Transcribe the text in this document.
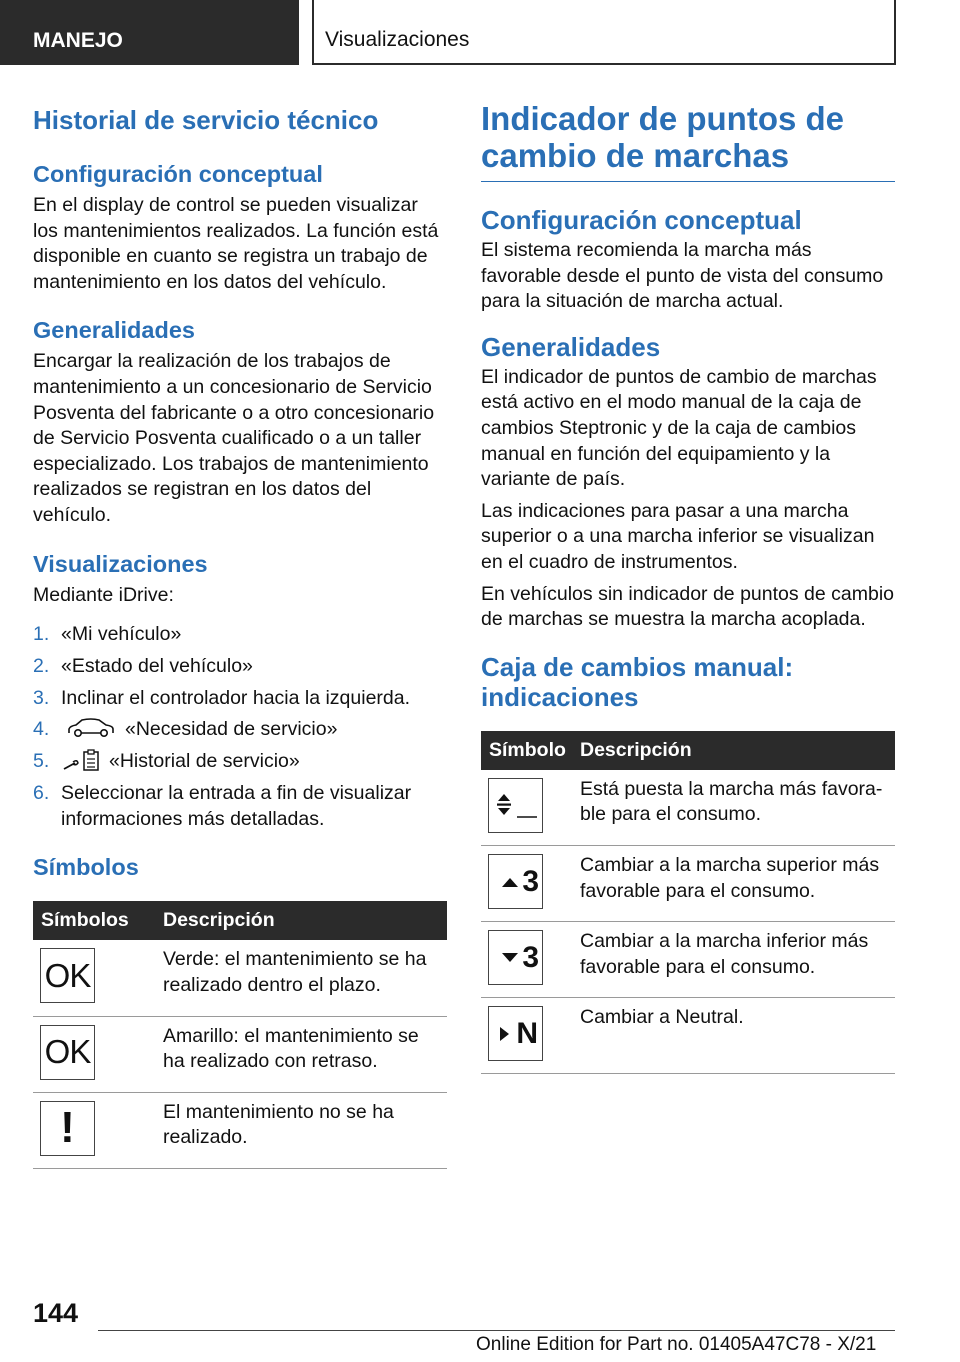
MANEJO	Visualizaciones
Historial de servicio técnico
Configuración conceptual

En el display de control se pueden visualizar los mantenimientos realizados. La función está disponible en cuanto se registra un trabajo de mantenimiento en los datos del vehículo.

Generalidades

Encargar la realización de los trabajos de mantenimiento a un concesionario de Servicio Posventa del fabricante o a otro concesionario de Servicio Posventa cualificado o a un taller especializado. Los trabajos de mantenimiento realizados se registran en los datos del vehículo.

Visualizaciones

Mediante iDrive:

1. «Mi vehículo»
2. «Estado del vehículo»
3. Inclinar el controlador hacia la izquierda.
4.	«Necesidad de servicio»
5.	«Historial de servicio»
6. Seleccionar la entrada a fin de visualizar informaciones más detalladas.
Símbolos
Símbolos	Descripción

OK	Verde: el mantenimiento se ha realizado dentro el plazo.

OK	Amarillo: el mantenimiento se ha realizado con retraso.

!	El mantenimiento no se ha realizado.
Indicador de puntos de cambio de marchas
Configuración conceptual

El sistema recomienda la marcha más favorable desde el punto de vista del consumo para la situación de marcha actual.

Generalidades

El indicador de puntos de cambio de marchas está activo en el modo manual de la caja de cambios Steptronic y de la caja de cambios manual en función del equipamiento y la variante de país.

Las indicaciones para pasar a una marcha superior o a una marcha inferior se visualizan en el cuadro de instrumentos.

En vehículos sin indicador de puntos de cambio de marchas se muestra la marcha acoplada.

Caja de cambios manual: indicaciones
Símbolo	Descripción

	Está puesta la marcha más favorable para el consumo.

3	Cambiar a la marcha superior más favorable para el consumo.

3	Cambiar a la marcha inferior más favorable para el consumo.

N	Cambiar a Neutral.
144
Online Edition for Part no. 01405A47C78 - X/21
